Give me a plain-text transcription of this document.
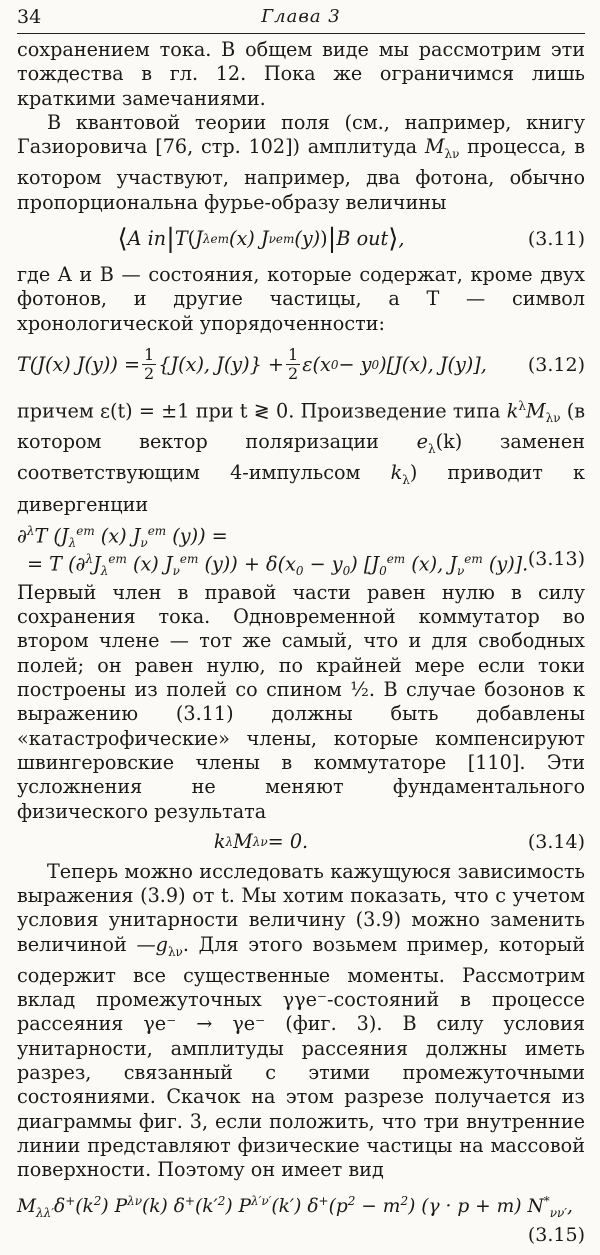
34	Глава 3

сохранением тока. В общем виде мы рассмотрим эти тождества в гл. 12. Пока же ограничимся лишь краткими замечаниями.

В квантовой теории поля (см., например, книгу Газиоровича [76, стр. 102]) амплитуда $M_{\lambda\nu}$ процесса, в котором участвуют, например, два фотона, обычно пропорциональна фурье-образу величины

⟨ A in | T ( J λ em (x) J ν em (y) ) | B out ⟩ ,	(3.11)

где A и B — состояния, которые содержат, кроме двух фотонов, и другие частицы, а T — символ хронологической упорядоченности:

T(J(x) $J(y)) = \frac{1}{2} \{J(x)$, $J(y)\} + \frac{1}{2} \varepsilon(x$ 0 − y 0 )[J(x), J(y)],	(3.12)

причем ε(t) = ±1 при t ≷ 0. Произведение типа $k^\lambda M_{\lambda\nu}$ (в котором вектор поляризации $e_\lambda(k)$ заменен соответствующим 4-импульсом $k_\lambda$) приводит к дивергенции

∂$^\lambda$T ($J_\lambda^{em}$ (x) $J_\nu^{em}$ (y)) =
= T ($\partial^\lambda J_\lambda^{em}$ (x) $J_\nu^{em}$ $(y)) + \delta(x_0 - y_0)$ [$J_0^{em}$ (x), $J_\nu^{em}$ (y)]. (3.13)

Первый член в правой части равен нулю в силу сохранения тока. Одновременной коммутатор во втором члене — тот же самый, что и для свободных полей; он равен нулю, по крайней мере если токи построены из полей со спином ½. В случае бозонов к выражению (3.11) должны быть добавлены «катастрофические» члены, которые компенсируют швингеровские члены в коммутаторе [110]. Эти усложнения не меняют фундаментального физического результата

k λ M λν = 0.	(3.14)

Теперь можно исследовать кажущуюся зависимость выражения (3.9) от t. Мы хотим показать, что с учетом условия унитарности величину (3.9) можно заменить величиной $—g_{\lambda\nu}$. Для этого возьмем пример, который содержит все существенные моменты. Рассмотрим вклад промежуточных γγe⁻-состояний в процессе рассеяния γe⁻ → γe⁻ (фиг. 3). В силу условия унитарности, амплитуды рассеяния должны иметь разрез, связанный с этими промежуточными состояниями. Скачок на этом разрезе получается из диаграммы фиг. 3, если положить, что три внутренние линии представляют физические частицы на массовой поверхности. Поэтому он имеет вид

$M_{\lambda\lambda'}\delta^+(k^2)$ $P^{\lambda\nu}(k)$ $\delta^+(k'^2)$ $P^{\lambda'\nu'}(k') \delta^+(p^2 - m^2) (\gamma \cdot p + m)$ $N^*_{\nu\nu'}$,
(3.15)
